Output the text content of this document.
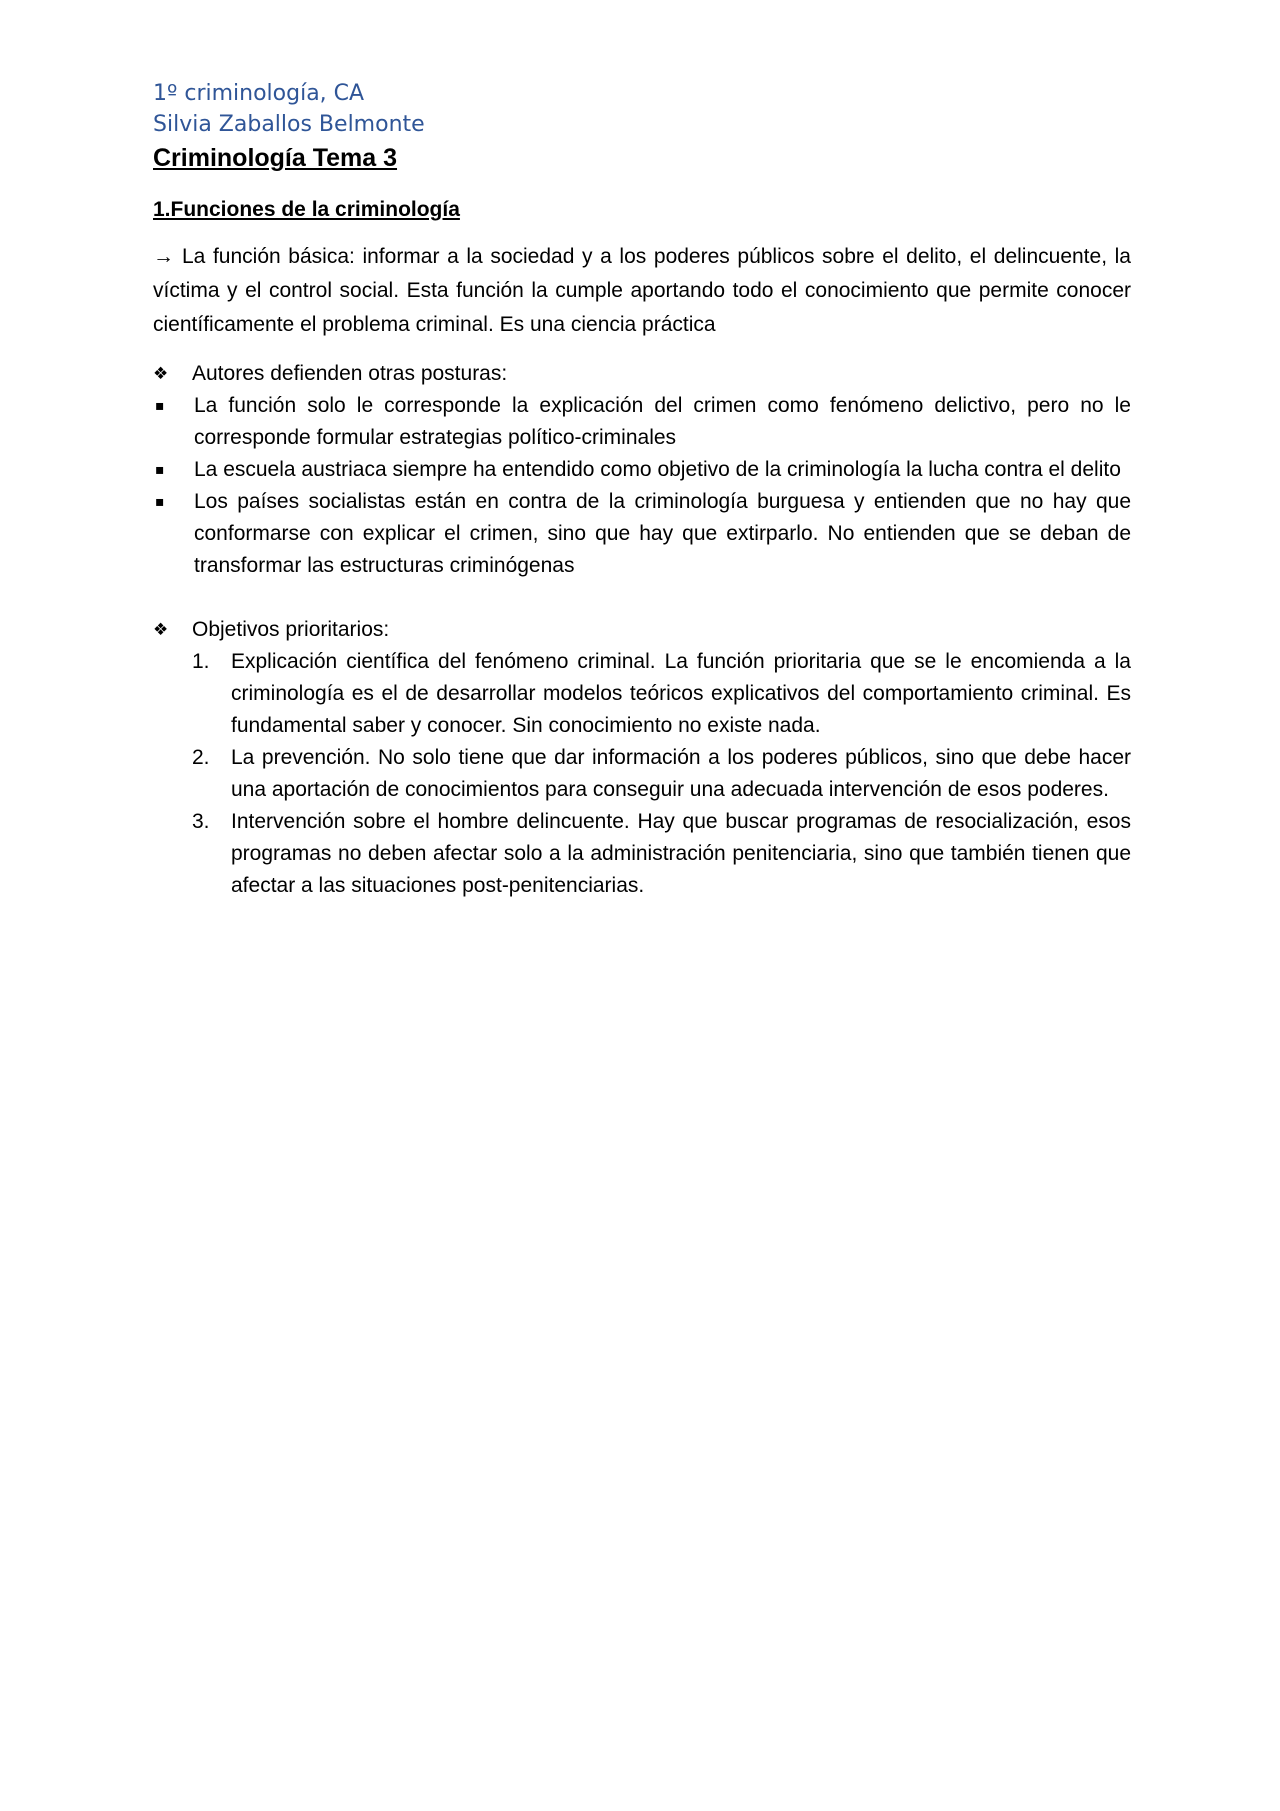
1º criminología, CA

Silvia Zaballos Belmonte

Criminología Tema 3
1.Funciones de la criminología

→ La función básica: informar a la sociedad y a los poderes públicos sobre el delito, el delincuente, la víctima y el control social. Esta función la cumple aportando todo el conocimiento que permite conocer científicamente el problema criminal. Es una ciencia práctica

❖	Autores defienden otras posturas:
▪	La función solo le corresponde la explicación del crimen como fenómeno delictivo, pero no le corresponde formular estrategias político-criminales
▪	La escuela austriaca siempre ha entendido como objetivo de la criminología la lucha contra el delito
▪	Los países socialistas están en contra de la criminología burguesa y entienden que no hay que conformarse con explicar el crimen, sino que hay que extirparlo. No entienden que se deban de transformar las estructuras criminógenas
❖	Objetivos prioritarios:
1.	Explicación científica del fenómeno criminal. La función prioritaria que se le encomienda a la criminología es el de desarrollar modelos teóricos explicativos del comportamiento criminal. Es fundamental saber y conocer. Sin conocimiento no existe nada.
2.	La prevención. No solo tiene que dar información a los poderes públicos, sino que debe hacer una aportación de conocimientos para conseguir una adecuada intervención de esos poderes.
3.	Intervención sobre el hombre delincuente. Hay que buscar programas de resocialización, esos programas no deben afectar solo a la administración penitenciaria, sino que también tienen que afectar a las situaciones post-penitenciarias.
